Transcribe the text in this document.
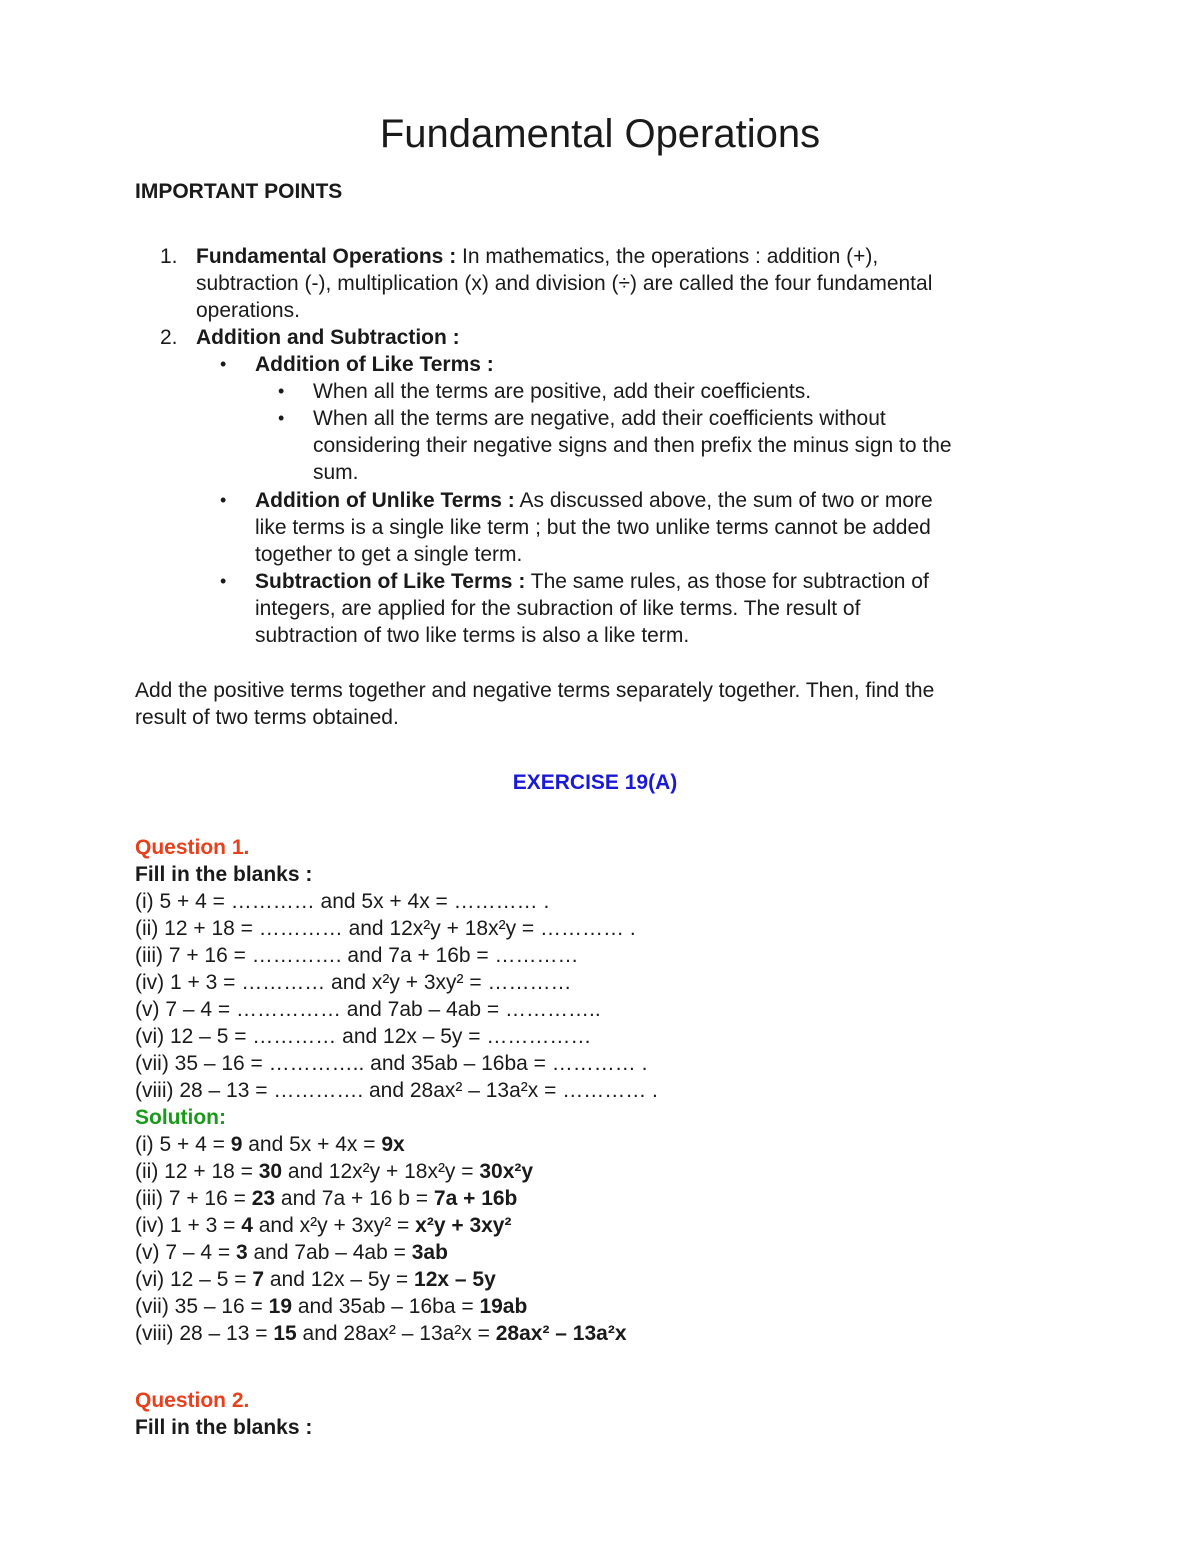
Fundamental Operations
IMPORTANT POINTS
1. Fundamental Operations : In mathematics, the operations : addition (+),
subtraction (-), multiplication (x) and division (÷) are called the four fundamental
operations.
2. Addition and Subtraction :
• Addition of Like Terms :
• When all the terms are positive, add their coefficients.
• When all the terms are negative, add their coefficients without
considering their negative signs and then prefix the minus sign to the
sum.
• Addition of Unlike Terms : As discussed above, the sum of two or more
like terms is a single like term ; but the two unlike terms cannot be added
together to get a single term.
• Subtraction of Like Terms : The same rules, as those for subtraction of
integers, are applied for the subraction of like terms. The result of
subtraction of two like terms is also a like term.
Add the positive terms together and negative terms separately together. Then, find the
result of two terms obtained.
EXERCISE 19(A)
Question 1.
Fill in the blanks :
(i) 5 + 4 = ………… and 5x + 4x = ………… .
(ii) 12 + 18 = ………… and 12x²y + 18x²y = ………… .
(iii) 7 + 16 = …………. and 7a + 16b = …………
(iv) 1 + 3 = ………… and x²y + 3xy² = …………
(v) 7 – 4 = …………… and 7ab – 4ab = …………..
(vi) 12 – 5 = ………… and 12x – 5y = ……………
(vii) 35 – 16 = ………….. and 35ab – 16ba = ………… .
(viii) 28 – 13 = …………. and 28ax² – 13a²x = ………… .
Solution:
(i) 5 + 4 = 9 and 5x + 4x = 9x
(ii) 12 + 18 = 30 and 12x²y + 18x²y = 30x²y
(iii) 7 + 16 = 23 and 7a + 16 b = 7a + 16b
(iv) 1 + 3 = 4 and x²y + 3xy² = x²y + 3xy²
(v) 7 – 4 = 3 and 7ab – 4ab = 3ab
(vi) 12 – 5 = 7 and 12x – 5y = 12x – 5y
(vii) 35 – 16 = 19 and 35ab – 16ba = 19ab
(viii) 28 – 13 = 15 and 28ax² – 13a²x = 28ax² – 13a²x
Question 2.
Fill in the blanks :
